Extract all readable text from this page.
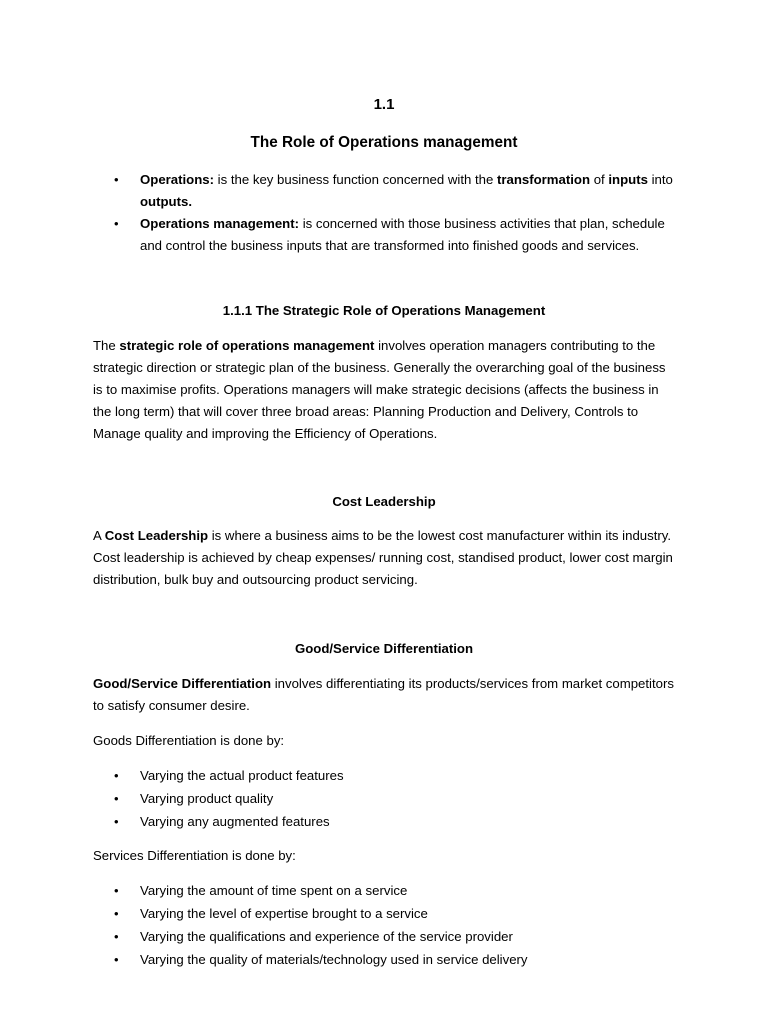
1.1
The Role of Operations management
• Operations: is the key business function concerned with the transformation of inputs into outputs.
• Operations management: is concerned with those business activities that plan, schedule and control the business inputs that are transformed into finished goods and services.
1.1.1 The Strategic Role of Operations Management
The strategic role of operations management involves operation managers contributing to the strategic direction or strategic plan of the business. Generally the overarching goal of the business is to maximise profits. Operations managers will make strategic decisions (affects the business in the long term) that will cover three broad areas: Planning Production and Delivery, Controls to Manage quality and improving the Efficiency of Operations.
Cost Leadership
A Cost Leadership is where a business aims to be the lowest cost manufacturer within its industry. Cost leadership is achieved by cheap expenses/ running cost, standised product, lower cost margin distribution, bulk buy and outsourcing product servicing.
Good/Service Differentiation
Good/Service Differentiation involves differentiating its products/services from market competitors to satisfy consumer desire.
Goods Differentiation is done by:
• Varying the actual product features
• Varying product quality
• Varying any augmented features
Services Differentiation is done by:
• Varying the amount of time spent on a service
• Varying the level of expertise brought to a service
• Varying the qualifications and experience of the service provider
• Varying the quality of materials/technology used in service delivery
